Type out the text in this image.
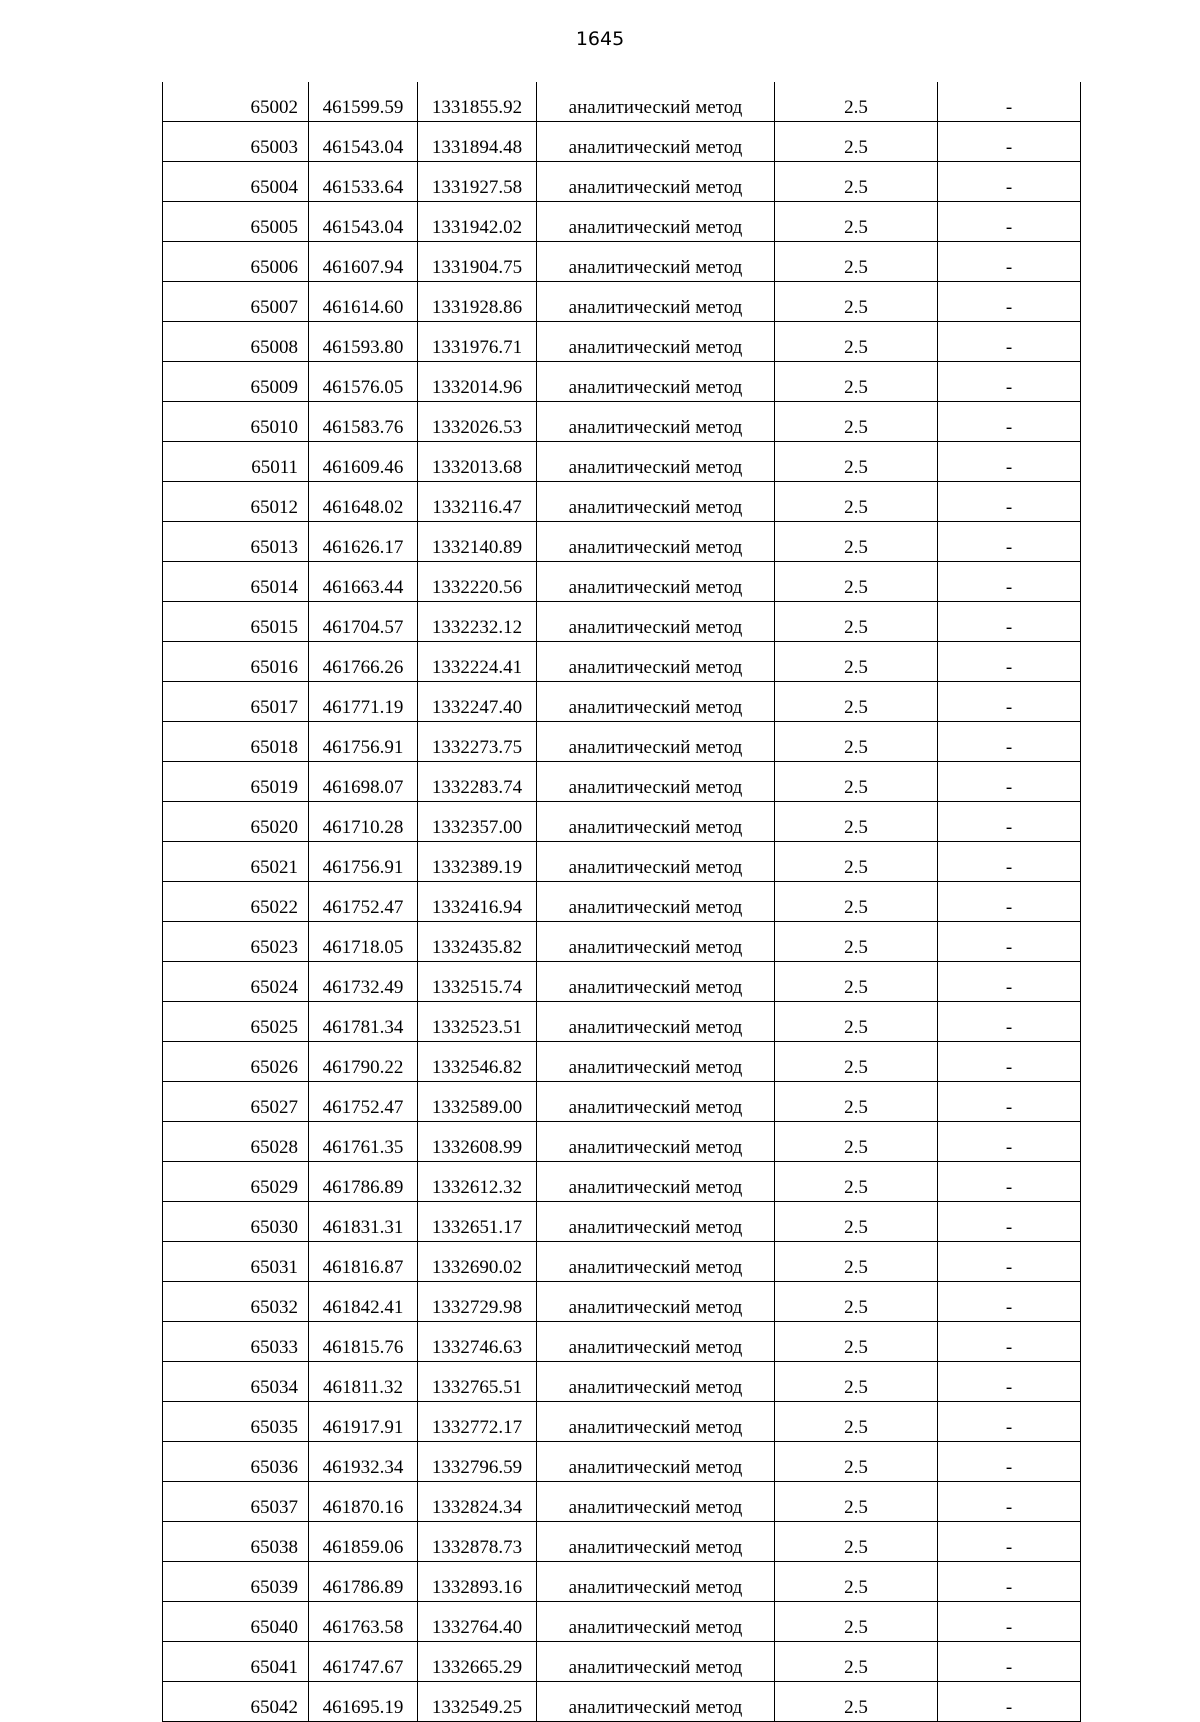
1645
65002	461599.59	1331855.92	аналитический метод	2.5	-
65003	461543.04	1331894.48	аналитический метод	2.5	-
65004	461533.64	1331927.58	аналитический метод	2.5	-
65005	461543.04	1331942.02	аналитический метод	2.5	-
65006	461607.94	1331904.75	аналитический метод	2.5	-
65007	461614.60	1331928.86	аналитический метод	2.5	-
65008	461593.80	1331976.71	аналитический метод	2.5	-
65009	461576.05	1332014.96	аналитический метод	2.5	-
65010	461583.76	1332026.53	аналитический метод	2.5	-
65011	461609.46	1332013.68	аналитический метод	2.5	-
65012	461648.02	1332116.47	аналитический метод	2.5	-
65013	461626.17	1332140.89	аналитический метод	2.5	-
65014	461663.44	1332220.56	аналитический метод	2.5	-
65015	461704.57	1332232.12	аналитический метод	2.5	-
65016	461766.26	1332224.41	аналитический метод	2.5	-
65017	461771.19	1332247.40	аналитический метод	2.5	-
65018	461756.91	1332273.75	аналитический метод	2.5	-
65019	461698.07	1332283.74	аналитический метод	2.5	-
65020	461710.28	1332357.00	аналитический метод	2.5	-
65021	461756.91	1332389.19	аналитический метод	2.5	-
65022	461752.47	1332416.94	аналитический метод	2.5	-
65023	461718.05	1332435.82	аналитический метод	2.5	-
65024	461732.49	1332515.74	аналитический метод	2.5	-
65025	461781.34	1332523.51	аналитический метод	2.5	-
65026	461790.22	1332546.82	аналитический метод	2.5	-
65027	461752.47	1332589.00	аналитический метод	2.5	-
65028	461761.35	1332608.99	аналитический метод	2.5	-
65029	461786.89	1332612.32	аналитический метод	2.5	-
65030	461831.31	1332651.17	аналитический метод	2.5	-
65031	461816.87	1332690.02	аналитический метод	2.5	-
65032	461842.41	1332729.98	аналитический метод	2.5	-
65033	461815.76	1332746.63	аналитический метод	2.5	-
65034	461811.32	1332765.51	аналитический метод	2.5	-
65035	461917.91	1332772.17	аналитический метод	2.5	-
65036	461932.34	1332796.59	аналитический метод	2.5	-
65037	461870.16	1332824.34	аналитический метод	2.5	-
65038	461859.06	1332878.73	аналитический метод	2.5	-
65039	461786.89	1332893.16	аналитический метод	2.5	-
65040	461763.58	1332764.40	аналитический метод	2.5	-
65041	461747.67	1332665.29	аналитический метод	2.5	-
65042	461695.19	1332549.25	аналитический метод	2.5	-
